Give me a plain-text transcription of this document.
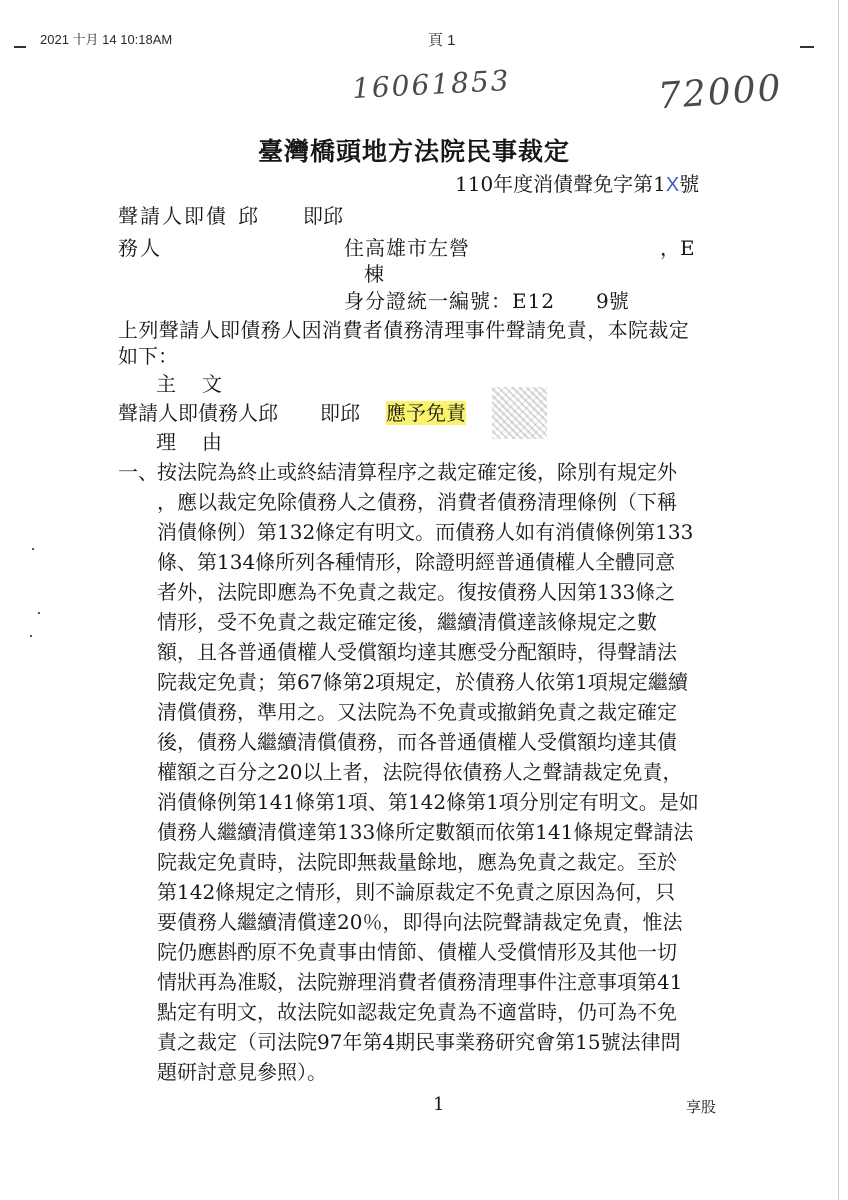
2021 十月 14 10:18AM	頁 1
16061853	72000
臺灣橋頭地方法院民事裁定
110年度消債聲免字第1X號
聲請人即債 邱 即邱
務人	住高雄市左營	，E
棟
身分證統一編號：E12 9號
上列聲請人即債務人因消費者債務清理事件聲請免責，本院裁定
如下：
主　文
聲請人即債務人邱 即邱 應予免責
理　由
一、 按法院為終止或終結清算程序之裁定確定後，除別有規定外
，應以裁定免除債務人之債務，消費者債務清理條例（下稱
消債條例）第132條定有明文。而債務人如有消債條例第133
條、第134條所列各種情形，除證明經普通債權人全體同意
者外，法院即應為不免責之裁定。復按債務人因第133條之
情形，受不免責之裁定確定後，繼續清償達該條規定之數
額，且各普通債權人受償額均達其應受分配額時，得聲請法
院裁定免責；第67條第2項規定，於債務人依第1項規定繼續
清償債務，準用之。又法院為不免責或撤銷免責之裁定確定
後，債務人繼續清償債務，而各普通債權人受償額均達其債
權額之百分之20以上者，法院得依債務人之聲請裁定免責，
消債條例第141條第1項、第142條第1項分別定有明文。是如
債務人繼續清償達第133條所定數額而依第141條規定聲請法
院裁定免責時，法院即無裁量餘地，應為免責之裁定。至於
第142條規定之情形，則不論原裁定不免責之原因為何，只
要債務人繼續清償達20％，即得向法院聲請裁定免責，惟法
院仍應斟酌原不免責事由情節、債權人受償情形及其他一切
情狀再為准駁，法院辦理消費者債務清理事件注意事項第41
點定有明文，故法院如認裁定免責為不適當時，仍可為不免
責之裁定（司法院97年第4期民事業務研究會第15號法律問
題研討意見參照）。
1	享股
